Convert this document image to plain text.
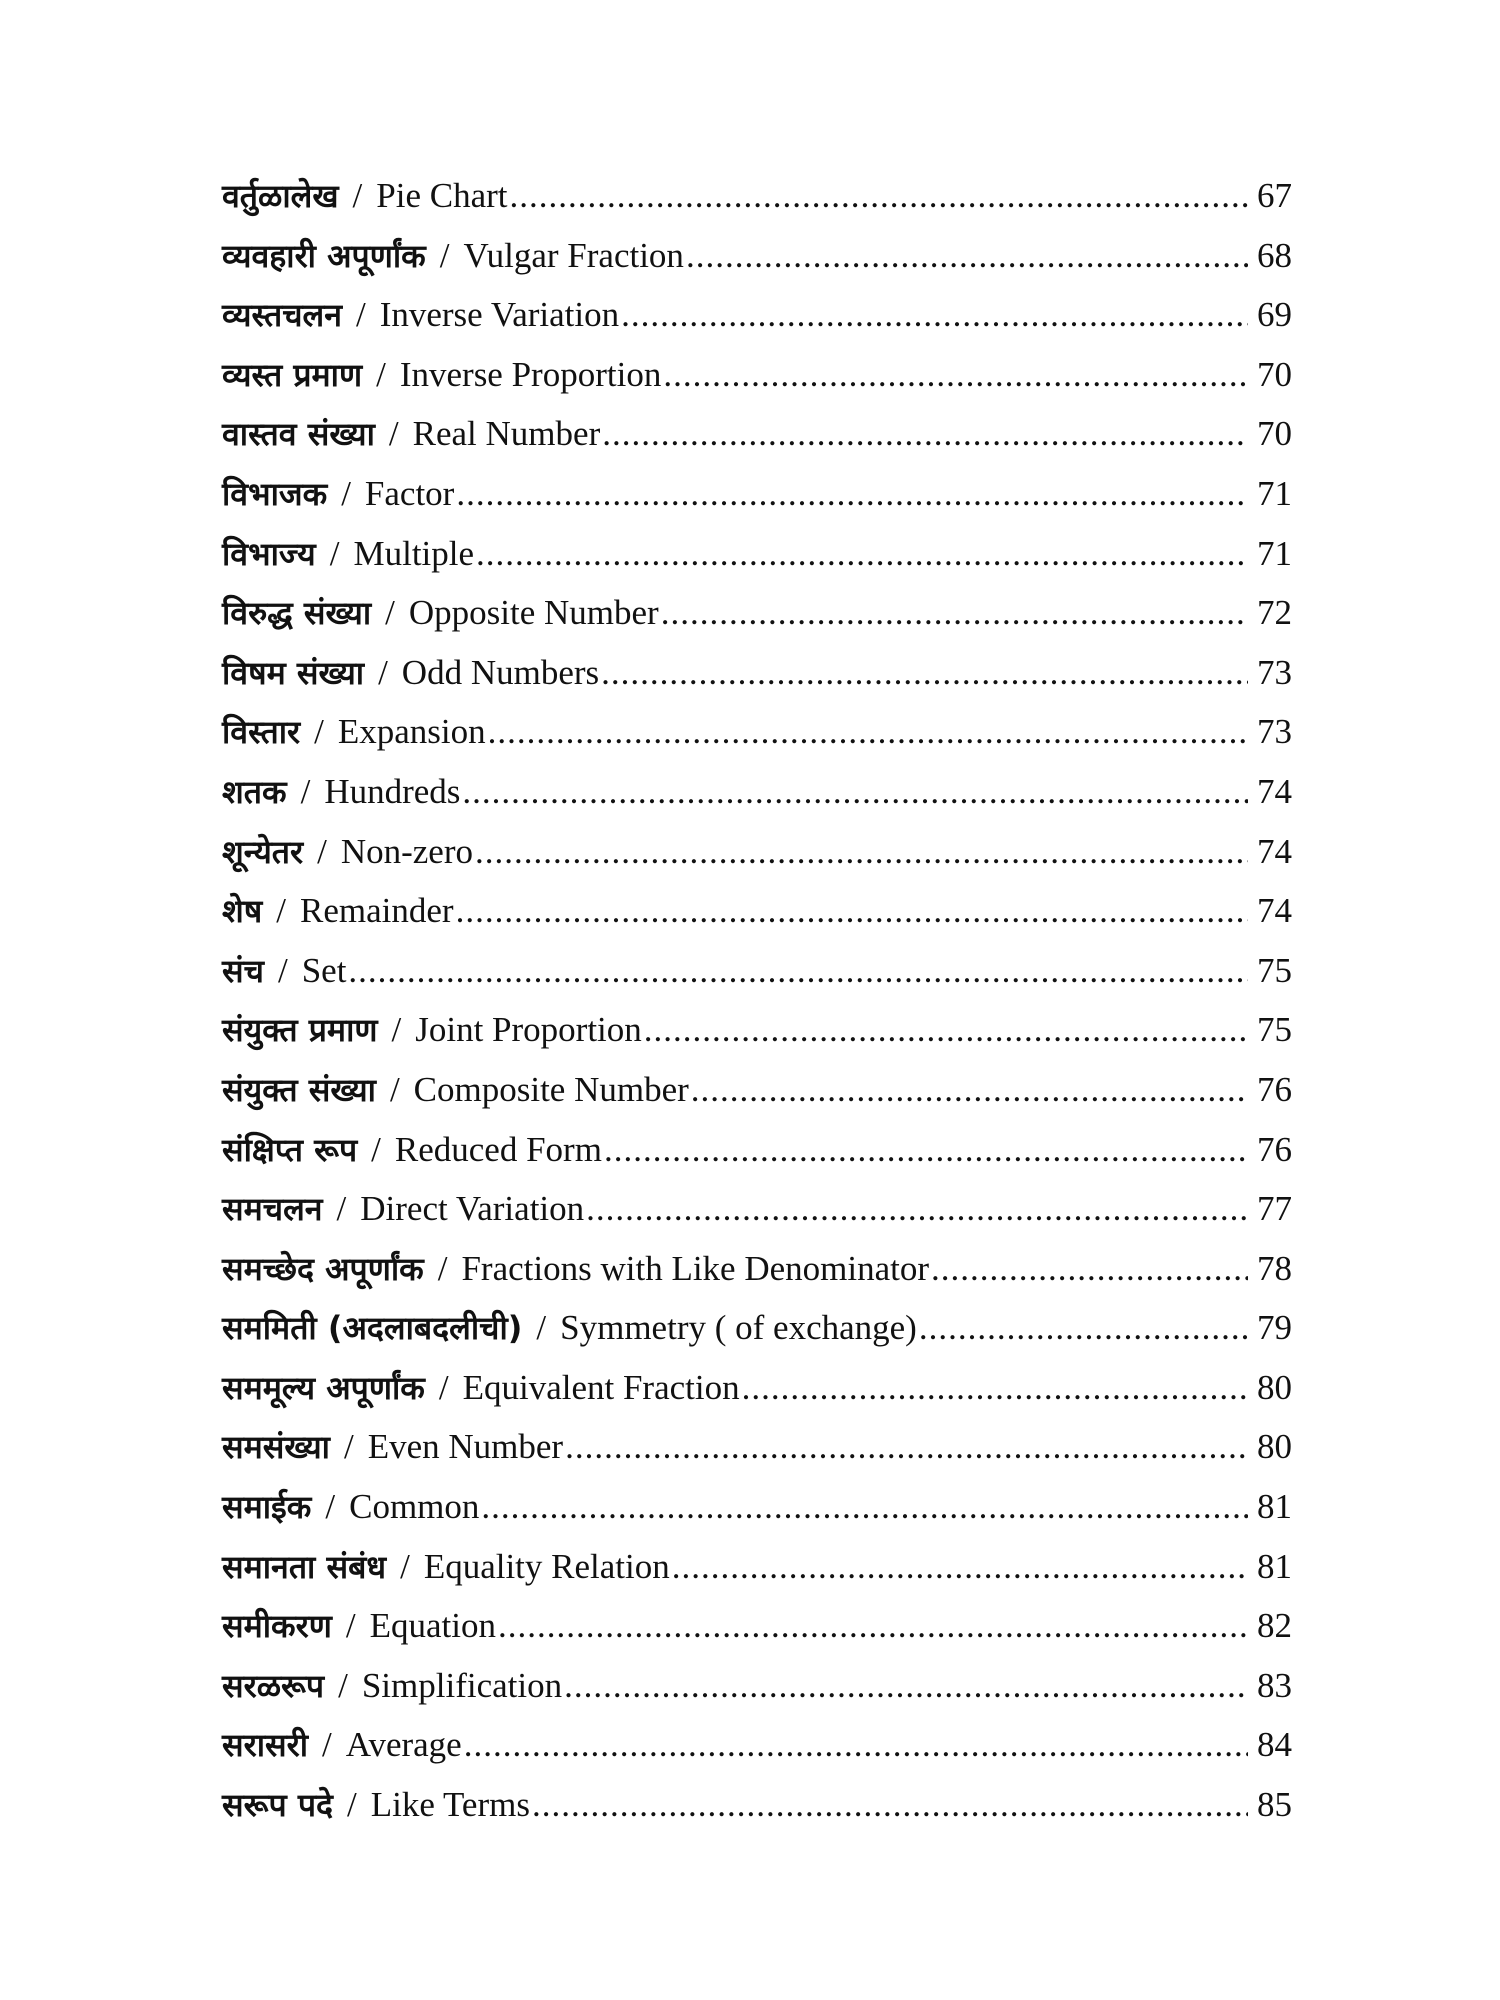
वर्तुळालेख / Pie Chart .....	67
व्यवहारी अपूर्णांक / Vulgar Fraction .....	68
व्यस्तचलन / Inverse Variation .....	69
व्यस्त प्रमाण / Inverse Proportion .....	70
वास्तव संख्या / Real Number .....	70
विभाजक / Factor .....	71
विभाज्य / Multiple .....	71
विरुद्ध संख्या / Opposite Number .....	72
विषम संख्या / Odd Numbers .....	73
विस्तार / Expansion .....	73
शतक / Hundreds .....	74
शून्येतर / Non-zero .....	74
शेष / Remainder .....	74
संच / Set .....	75
संयुक्त प्रमाण / Joint Proportion .....	75
संयुक्त संख्या / Composite Number .....	76
संक्षिप्त रूप / Reduced Form .....	76
समचलन / Direct Variation .....	77
समच्छेद अपूर्णांक / Fractions with Like Denominator .....	78
सममिती (अदलाबदलीची) / Symmetry ( of exchange) .....	79
सममूल्य अपूर्णांक / Equivalent Fraction .....	80
समसंख्या / Even Number .....	80
समाईक / Common .....	81
समानता संबंध / Equality Relation .....	81
समीकरण / Equation .....	82
सरळरूप / Simplification .....	83
सरासरी / Average .....	84
सरूप पदे / Like Terms .....	85
